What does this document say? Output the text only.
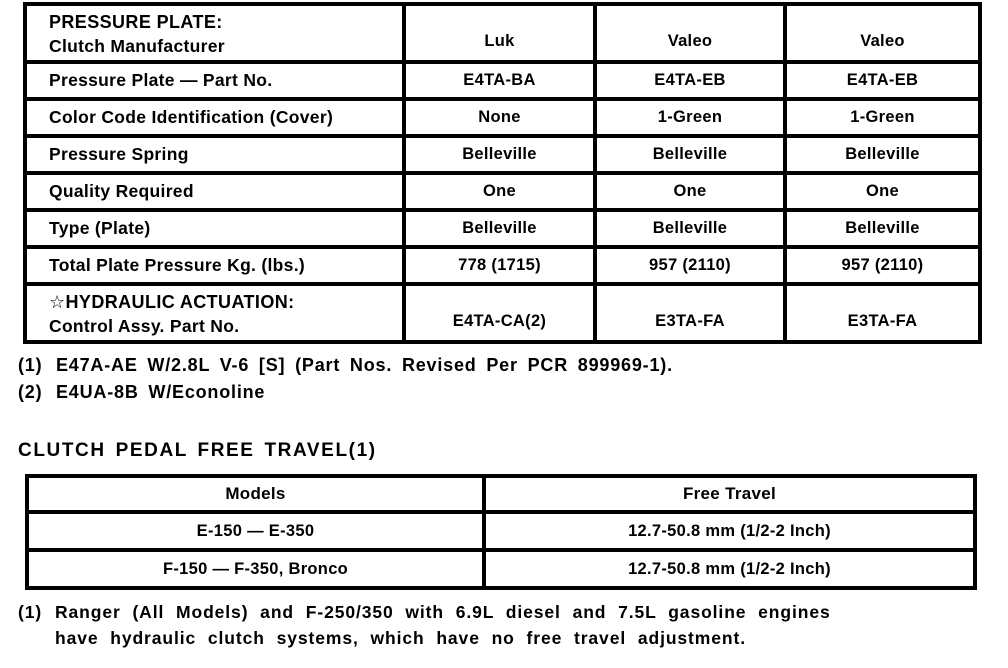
PRESSURE PLATE:
Clutch Manufacturer	Luk	Valeo	Valeo
Pressure Plate — Part No.	E4TA-BA	E4TA-EB	E4TA-EB
Color Code Identification (Cover)	None	1-Green	1-Green
Pressure Spring	Belleville	Belleville	Belleville
Quality Required	One	One	One
Type (Plate)	Belleville	Belleville	Belleville
Total Plate Pressure Kg. (lbs.)	778 (1715)	957 (2110)	957 (2110)

☆HYDRAULIC ACTUATION:
Control Assy. Part No.	E4TA-CA(2)	E3TA-FA	E3TA-FA
(1) E47A-AE W/2.8L V-6 [S] (Part Nos. Revised Per PCR 899969-1).
(2) E4UA-8B W/Econoline
CLUTCH PEDAL FREE TRAVEL(1)
Models	Free Travel
E-150 — E-350	12.7-50.8 mm (1/2-2 Inch)
F-150 — F-350, Bronco	12.7-50.8 mm (1/2-2 Inch)
(1) Ranger (All Models) and F-250/350 with 6.9L diesel and 7.5L gasoline engines
have hydraulic clutch systems, which have no free travel adjustment.
